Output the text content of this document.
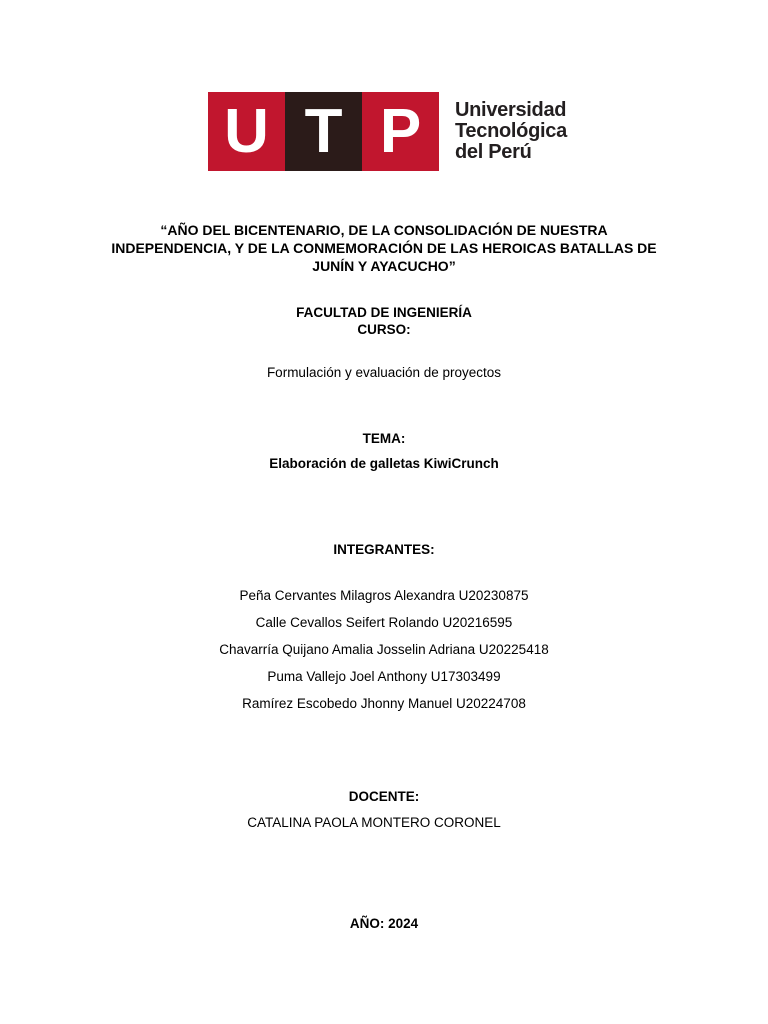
U T P	Universidad
Tecnológica
del Perú
“AÑO DEL BICENTENARIO, DE LA CONSOLIDACIÓN DE NUESTRA INDEPENDENCIA, Y DE LA CONMEMORACIÓN DE LAS HEROICAS BATALLAS DE JUNÍN Y AYACUCHO”
FACULTAD DE INGENIERÍA
CURSO:
Formulación y evaluación de proyectos
TEMA:
Elaboración de galletas KiwiCrunch
INTEGRANTES:
Peña Cervantes Milagros Alexandra U20230875
Calle Cevallos Seifert Rolando U20216595
Chavarría Quijano Amalia Josselin Adriana U20225418
Puma Vallejo Joel Anthony U17303499
Ramírez Escobedo Jhonny Manuel U20224708
DOCENTE:
CATALINA PAOLA MONTERO CORONEL
AÑO: 2024
